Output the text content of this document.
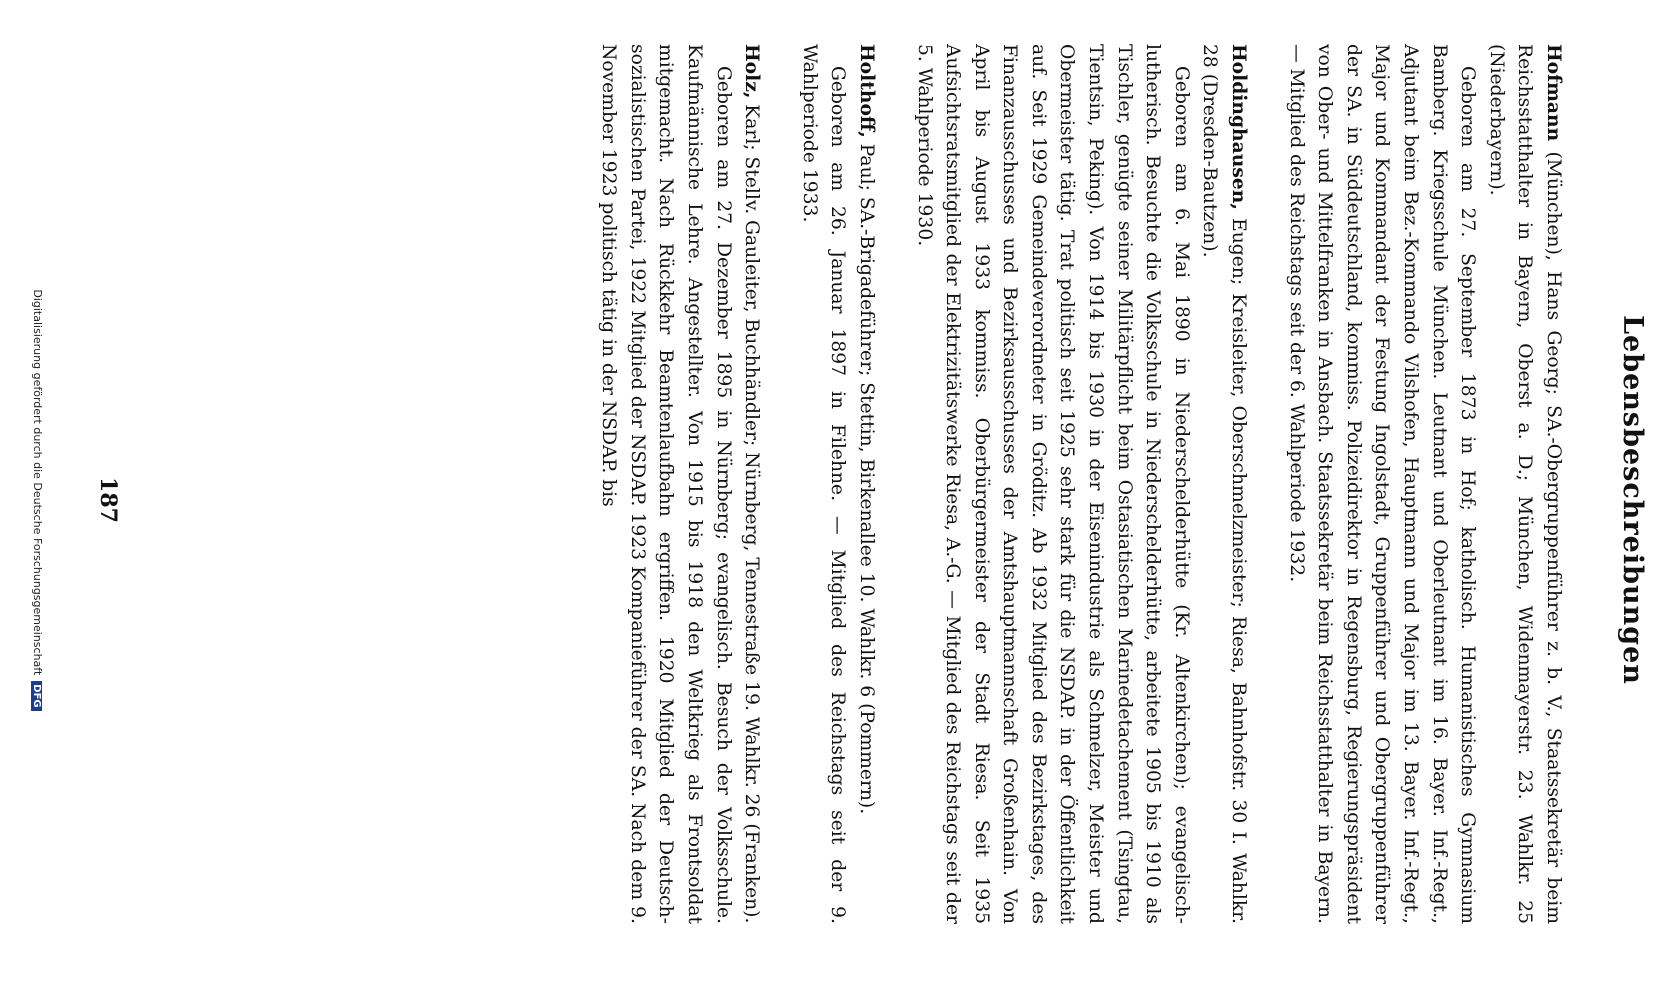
Lebensbeschreibungen

Hofmann (München), Hans Georg; SA.-Obergruppenführer z. b. V., Staatssekretär beim Reichsstatthalter in Bayern, Oberst a. D.; München, Widenmayerstr. 23. Wahlkr. 25 (Niederbayern).

Geboren am 27. September 1873 in Hof; katholisch. Humanistisches Gymnasium Bamberg. Kriegsschule München. Leutnant und Oberleutnant im 16. Bayer. Inf.-Regt., Adjutant beim Bez.-Kommando Vilshofen, Hauptmann und Major im 13. Bayer. Inf.-Regt., Major und Kommandant der Festung Ingolstadt, Gruppenführer und Obergruppenführer der SA. in Süddeutschland, kommiss. Polizeidirektor in Regensburg, Regierungspräsident von Ober- und Mittelfranken in Ansbach. Staatssekretär beim Reichsstatthalter in Bayern. — Mitglied des Reichstags seit der 6. Wahlperiode 1932.

Holdinghausen, Eugen; Kreisleiter, Oberschmelzmeister; Riesa, Bahnhofstr. 30 I. Wahlkr. 28 (Dresden-Bautzen).

Geboren am 6. Mai 1890 in Niederschelderhütte (Kr. Altenkirchen); evangelisch-lutherisch. Besuchte die Volksschule in Niederschelderhütte, arbeitete 1905 bis 1910 als Tischler, genügte seiner Militärpflicht beim Ostasiatischen Marinedetachement (Tsingtau, Tientsin, Peking). Von 1914 bis 1930 in der Eisenindustrie als Schmelzer, Meister und Obermeister tätig. Trat politisch seit 1925 sehr stark für die NSDAP. in der Öffentlichkeit auf. Seit 1929 Gemeindeverordneter in Gröditz. Ab 1932 Mitglied des Bezirkstages, des Finanzausschusses und Bezirksausschusses der Amtshauptmannschaft Großenhain. Von April bis August 1933 kommiss. Oberbürgermeister der Stadt Riesa. Seit 1935 Aufsichtsratsmitglied der Elektrizitätswerke Riesa, A.-G. — Mitglied des Reichstags seit der 5. Wahlperiode 1930.

Holthoff, Paul; SA.-Brigadeführer; Stettin, Birkenallee 10. Wahlkr. 6 (Pommern).

Geboren am 26. Januar 1897 in Filehne. — Mitglied des Reichstags seit der 9. Wahlperiode 1933.

Holz, Karl; Stellv. Gauleiter, Buchhändler; Nürnberg, Tennestraße 19. Wahlkr. 26 (Franken).

Geboren am 27. Dezember 1895 in Nürnberg; evangelisch. Besuch der Volksschule. Kaufmännische Lehre. Angestellter. Von 1915 bis 1918 den Weltkrieg als Frontsoldat mitgemacht. Nach Rückkehr Beamtenlaufbahn ergriffen. 1920 Mitglied der Deutsch-sozialistischen Partei, 1922 Mitglied der NSDAP. 1923 Kompanieführer der SA. Nach dem 9. November 1923 politisch tätig in der NSDAP. bis

187
Digitalisierung gefördert durch die Deutsche ForschungsgemeinschaftDFG
